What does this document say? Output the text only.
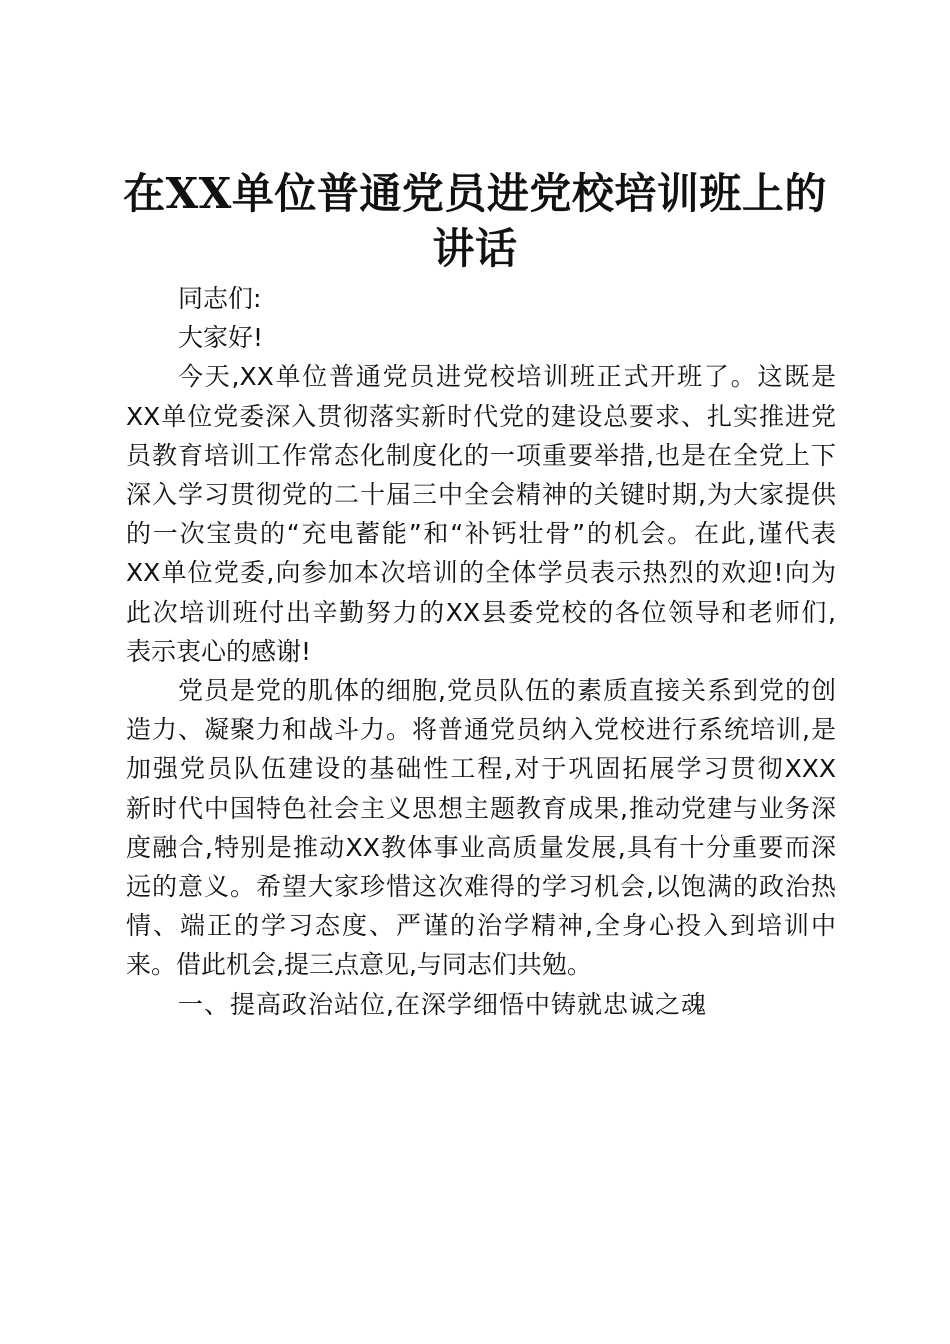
在XX单位普通党员进党校培训班上的
讲话

同志们:

大家好!

今天,XX单位普通党员进党校培训班正式开班了。这既是

XX单位党委深入贯彻落实新时代党的建设总要求、扎实推进党

员教育培训工作常态化制度化的一项重要举措,也是在全党上下

深入学习贯彻党的二十届三中全会精神的关键时期,为大家提供

的一次宝贵的“充电蓄能”和“补钙壮骨”的机会。在此,谨代表

XX单位党委,向参加本次培训的全体学员表示热烈的欢迎!向为

此次培训班付出辛勤努力的XX县委党校的各位领导和老师们,

表示衷心的感谢!

党员是党的肌体的细胞,党员队伍的素质直接关系到党的创

造力、凝聚力和战斗力。将普通党员纳入党校进行系统培训,是

加强党员队伍建设的基础性工程,对于巩固拓展学习贯彻XXX

新时代中国特色社会主义思想主题教育成果,推动党建与业务深

度融合,特别是推动XX教体事业高质量发展,具有十分重要而深

远的意义。希望大家珍惜这次难得的学习机会,以饱满的政治热

情、端正的学习态度、严谨的治学精神,全身心投入到培训中

来。借此机会,提三点意见,与同志们共勉。

一、提高政治站位,在深学细悟中铸就忠诚之魂
